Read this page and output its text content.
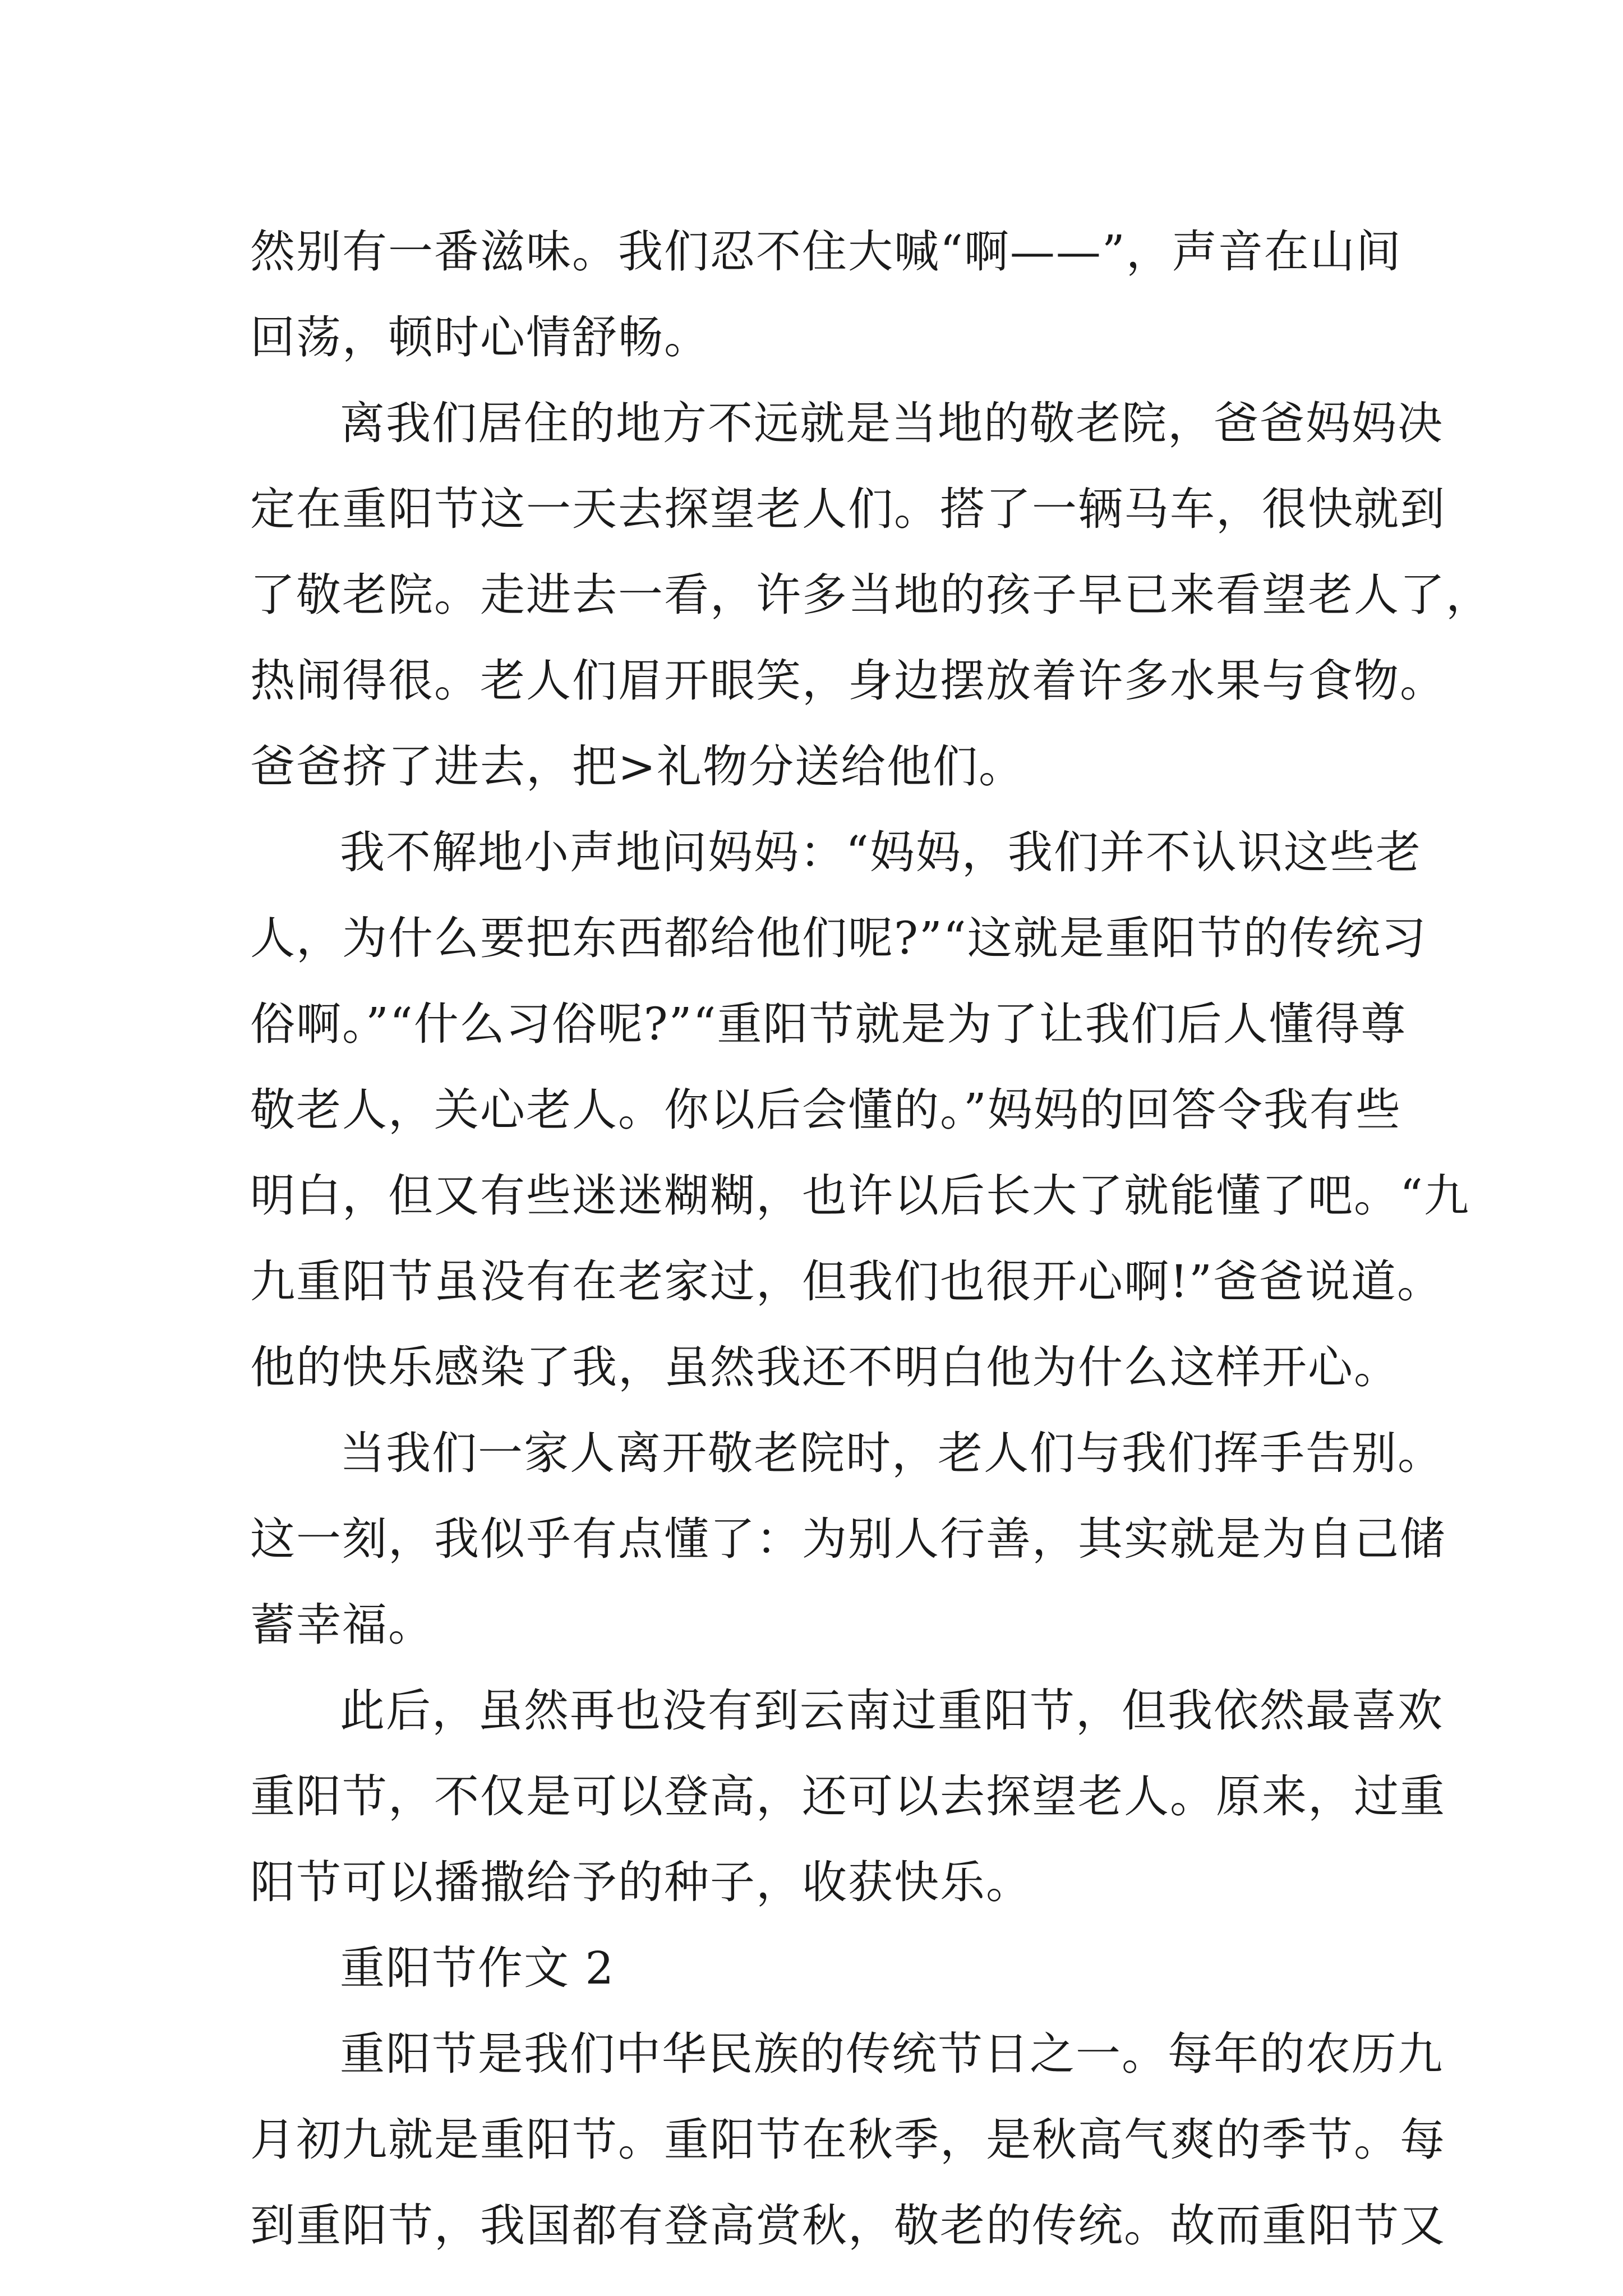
然别有一番滋味。我们忍不住大喊“啊——”，声音在山间
回荡，顿时心情舒畅。
离我们居住的地方不远就是当地的敬老院，爸爸妈妈决
定在重阳节这一天去探望老人们。搭了一辆马车，很快就到
了敬老院。走进去一看，许多当地的孩子早已来看望老人了，
热闹得很。老人们眉开眼笑，身边摆放着许多水果与食物。
爸爸挤了进去，把>礼物分送给他们。
我不解地小声地问妈妈：“妈妈，我们并不认识这些老
人，为什么要把东西都给他们呢?”“这就是重阳节的传统习
俗啊。”“什么习俗呢?”“重阳节就是为了让我们后人懂得尊
敬老人，关心老人。你以后会懂的。”妈妈的回答令我有些
明白，但又有些迷迷糊糊，也许以后长大了就能懂了吧。“九
九重阳节虽没有在老家过，但我们也很开心啊!”爸爸说道。
他的快乐感染了我，虽然我还不明白他为什么这样开心。
当我们一家人离开敬老院时，老人们与我们挥手告别。
这一刻，我似乎有点懂了：为别人行善，其实就是为自己储
蓄幸福。
此后，虽然再也没有到云南过重阳节，但我依然最喜欢
重阳节，不仅是可以登高，还可以去探望老人。原来，过重
阳节可以播撒给予的种子，收获快乐。
重阳节作文 2
重阳节是我们中华民族的传统节日之一。每年的农历九
月初九就是重阳节。重阳节在秋季，是秋高气爽的季节。每
到重阳节，我国都有登高赏秋，敬老的传统。故而重阳节又
